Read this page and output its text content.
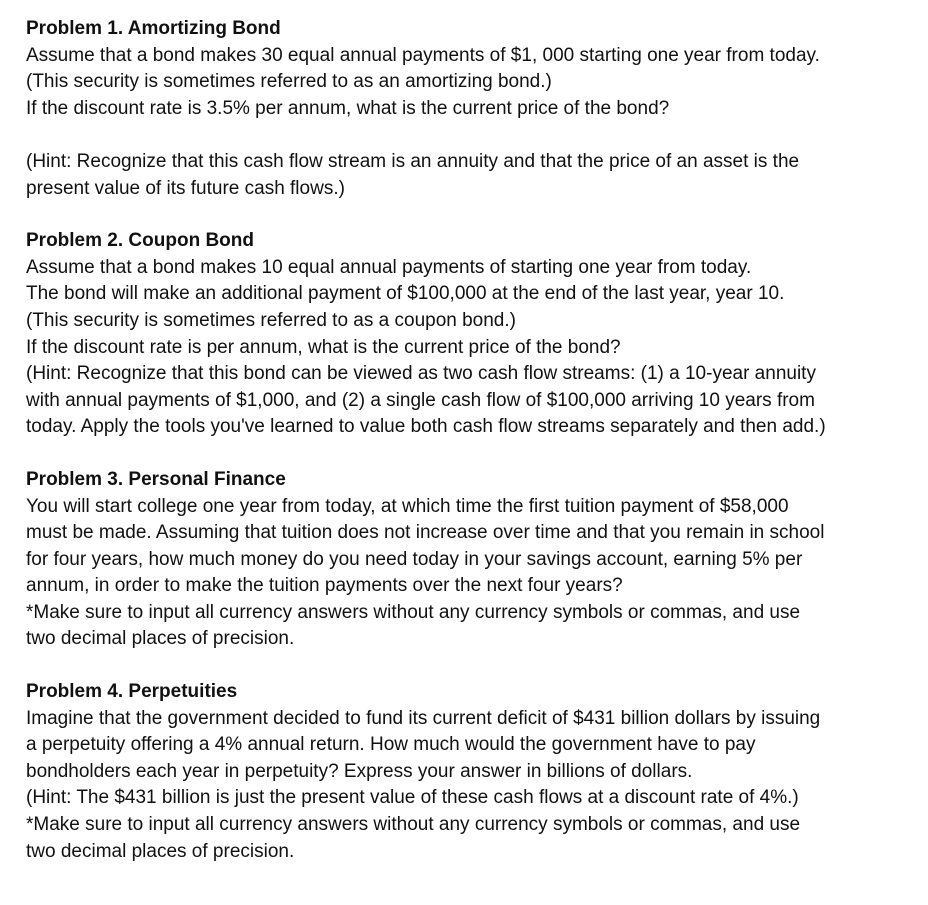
Problem 1. Amortizing Bond
Assume that a bond makes 30 equal annual payments of $1, 000 starting one year from today.
(This security is sometimes referred to as an amortizing bond.)
If the discount rate is 3.5% per annum, what is the current price of the bond?
(Hint: Recognize that this cash flow stream is an annuity and that the price of an asset is the
present value of its future cash flows.)
Problem 2. Coupon Bond
Assume that a bond makes 10 equal annual payments of starting one year from today.
The bond will make an additional payment of $100,000 at the end of the last year, year 10.
(This security is sometimes referred to as a coupon bond.)
If the discount rate is per annum, what is the current price of the bond?
(Hint: Recognize that this bond can be viewed as two cash flow streams: (1) a 10-year annuity
with annual payments of $1,000, and (2) a single cash flow of $100,000 arriving 10 years from
today. Apply the tools you've learned to value both cash flow streams separately and then add.)
Problem 3. Personal Finance
You will start college one year from today, at which time the first tuition payment of $58,000
must be made. Assuming that tuition does not increase over time and that you remain in school
for four years, how much money do you need today in your savings account, earning 5% per
annum, in order to make the tuition payments over the next four years?
*Make sure to input all currency answers without any currency symbols or commas, and use
two decimal places of precision.
Problem 4. Perpetuities
Imagine that the government decided to fund its current deficit of $431 billion dollars by issuing
a perpetuity offering a 4% annual return. How much would the government have to pay
bondholders each year in perpetuity? Express your answer in billions of dollars.
(Hint: The $431 billion is just the present value of these cash flows at a discount rate of 4%.)
*Make sure to input all currency answers without any currency symbols or commas, and use
two decimal places of precision.
